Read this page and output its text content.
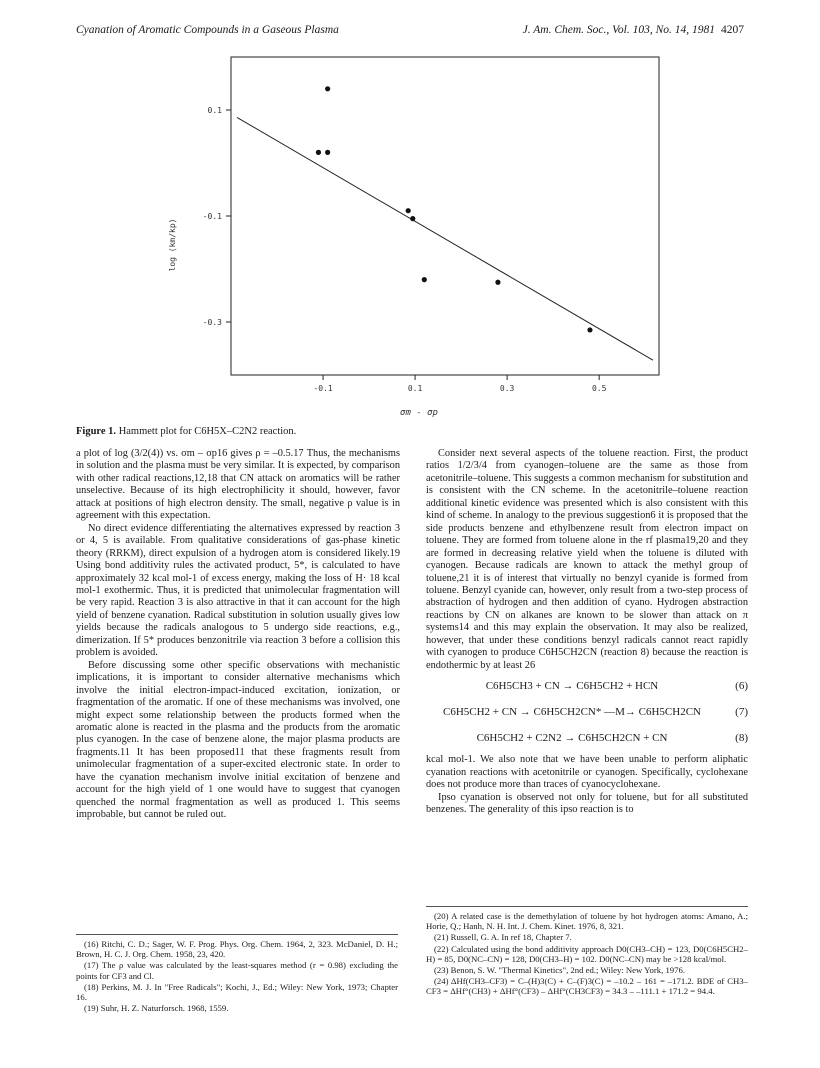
Cyanation of Aromatic Compounds in a Gaseous Plasma	J. Am. Chem. Soc., Vol. 103, No. 14, 1981 4207
0.1
-0.1
-0.3
-0.1	0.1	0.3	0.5
log (km/kp)
σm - σp
Figure 1. Hammett plot for C6H5X–C2N2 reaction.

a plot of log (3/2(4)) vs. σm – σp16 gives ρ = –0.5.17 Thus, the mechanisms in solution and the plasma must be very similar. It is expected, by comparison with other radical reactions,12,18 that CN attack on aromatics will be rather unselective. Because of its high electrophilicity it should, however, favor attack at positions of high electron density. The small, negative ρ value is in agreement with this expectation.

No direct evidence differentiating the alternatives expressed by reaction 3 or 4, 5 is available. From qualitative considerations of gas-phase kinetic theory (RRKM), direct expulsion of a hydrogen atom is considered likely.19 Using bond additivity rules the activated product, 5*, is calculated to have approximately 32 kcal mol-1 of excess energy, making the loss of H· 18 kcal mol-1 exothermic. Thus, it is predicted that unimolecular fragmentation will be very rapid. Reaction 3 is also attractive in that it can account for the high yield of benzene cyanation. Radical substitution in solution usually gives low yields because the radicals analogous to 5 undergo side reactions, e.g., dimerization. If 5* produces benzonitrile via reaction 3 before a collision this problem is avoided.

Before discussing some other specific observations with mechanistic implications, it is important to consider alternative mechanisms which involve the initial electron-impact-induced excitation, ionization, or fragmentation of the aromatic. If one of these mechanisms was involved, one might expect some relationship between the products formed when the aromatic alone is reacted in the plasma and the products from the aromatic plus cyanogen. In the case of benzene alone, the major plasma products are fragments.11 It has been proposed11 that these fragments result from unimolecular fragmentation of a super-excited electronic state. In order to have the cyanation mechanism involve initial excitation of benzene and account for the high yield of 1 one would have to suggest that cyanogen quenched the normal fragmentation as well as produced 1. This seems improbable, but cannot be ruled out.

Consider next several aspects of the toluene reaction. First, the product ratios 1/2/3/4 from cyanogen–toluene are the same as those from acetonitrile–toluene. This suggests a common mechanism for substitution and is consistent with the CN scheme. In the acetonitrile–toluene reaction additional kinetic evidence was presented which is also consistent with this kind of scheme. In analogy to the previous suggestion6 it is proposed that the side products benzene and ethylbenzene result from electron impact on toluene. They are formed from toluene alone in the rf plasma19,20 and they are formed in decreasing relative yield when the toluene is diluted with cyanogen. Because radicals are known to attack the methyl group of toluene,21 it is of interest that virtually no benzyl cyanide is formed from toluene. Benzyl cyanide can, however, only result from a two-step process of abstraction of hydrogen and then addition of cyano. Hydrogen abstraction reactions by CN on alkanes are known to be slower than attack on π systems14 and this may explain the observation. It may also be realized, however, that under these conditions benzyl radicals cannot react rapidly with cyanogen to produce C6H5CH2CN (reaction 8) because the reaction is endothermic by at least 26

C6H5CH3 + CN → C6H5CH2 + HCN	(6)
C6H5CH2 + CN → C6H5CH2CN* —M→ C6H5CH2CN	(7)
C6H5CH2 + C2N2 → C6H5CH2CN + CN	(8)

kcal mol-1. We also note that we have been unable to perform aliphatic cyanation reactions with acetonitrile or cyanogen. Specifically, cyclohexane does not produce more than traces of cyanocyclohexane.

Ipso cyanation is observed not only for toluene, but for all substituted benzenes. The generality of this ipso reaction is to

(16) Ritchi, C. D.; Sager, W. F. Prog. Phys. Org. Chem. 1964, 2, 323. McDaniel, D. H.; Brown, H. C. J. Org. Chem. 1958, 23, 420.

(17) The ρ value was calculated by the least-squares method (r = 0.98) excluding the points for CF3 and Cl.

(18) Perkins, M. J. In "Free Radicals"; Kochi, J., Ed.; Wiley: New York, 1973; Chapter 16.

(19) Suhr, H. Z. Naturforsch. 1968, 1559.

(20) A related case is the demethylation of toluene by hot hydrogen atoms: Amano, A.; Horie, Q.; Hanh, N. H. Int. J. Chem. Kinet. 1976, 8, 321.

(21) Russell, G. A. In ref 18, Chapter 7.

(22) Calculated using the bond additivity approach D0(CH3–CH) = 123, D0(C6H5CH2–H) = 85, D0(NC–CN) = 128, D0(CH3–H) = 102. D0(NC–CN) may be >128 kcal/mol.

(23) Benon, S. W. "Thermal Kinetics", 2nd ed.; Wiley: New York, 1976.

(24) ΔHf(CH3–CF3) = C–(H)3(C) + C–(F)3(C) = –10.2 – 161 = –171.2. BDE of CH3–CF3 = ΔHf°(CH3) + ΔHf°(CF3) – ΔHf°(CH3CF3) = 34.3 – –111.1 + 171.2 = 94.4.
